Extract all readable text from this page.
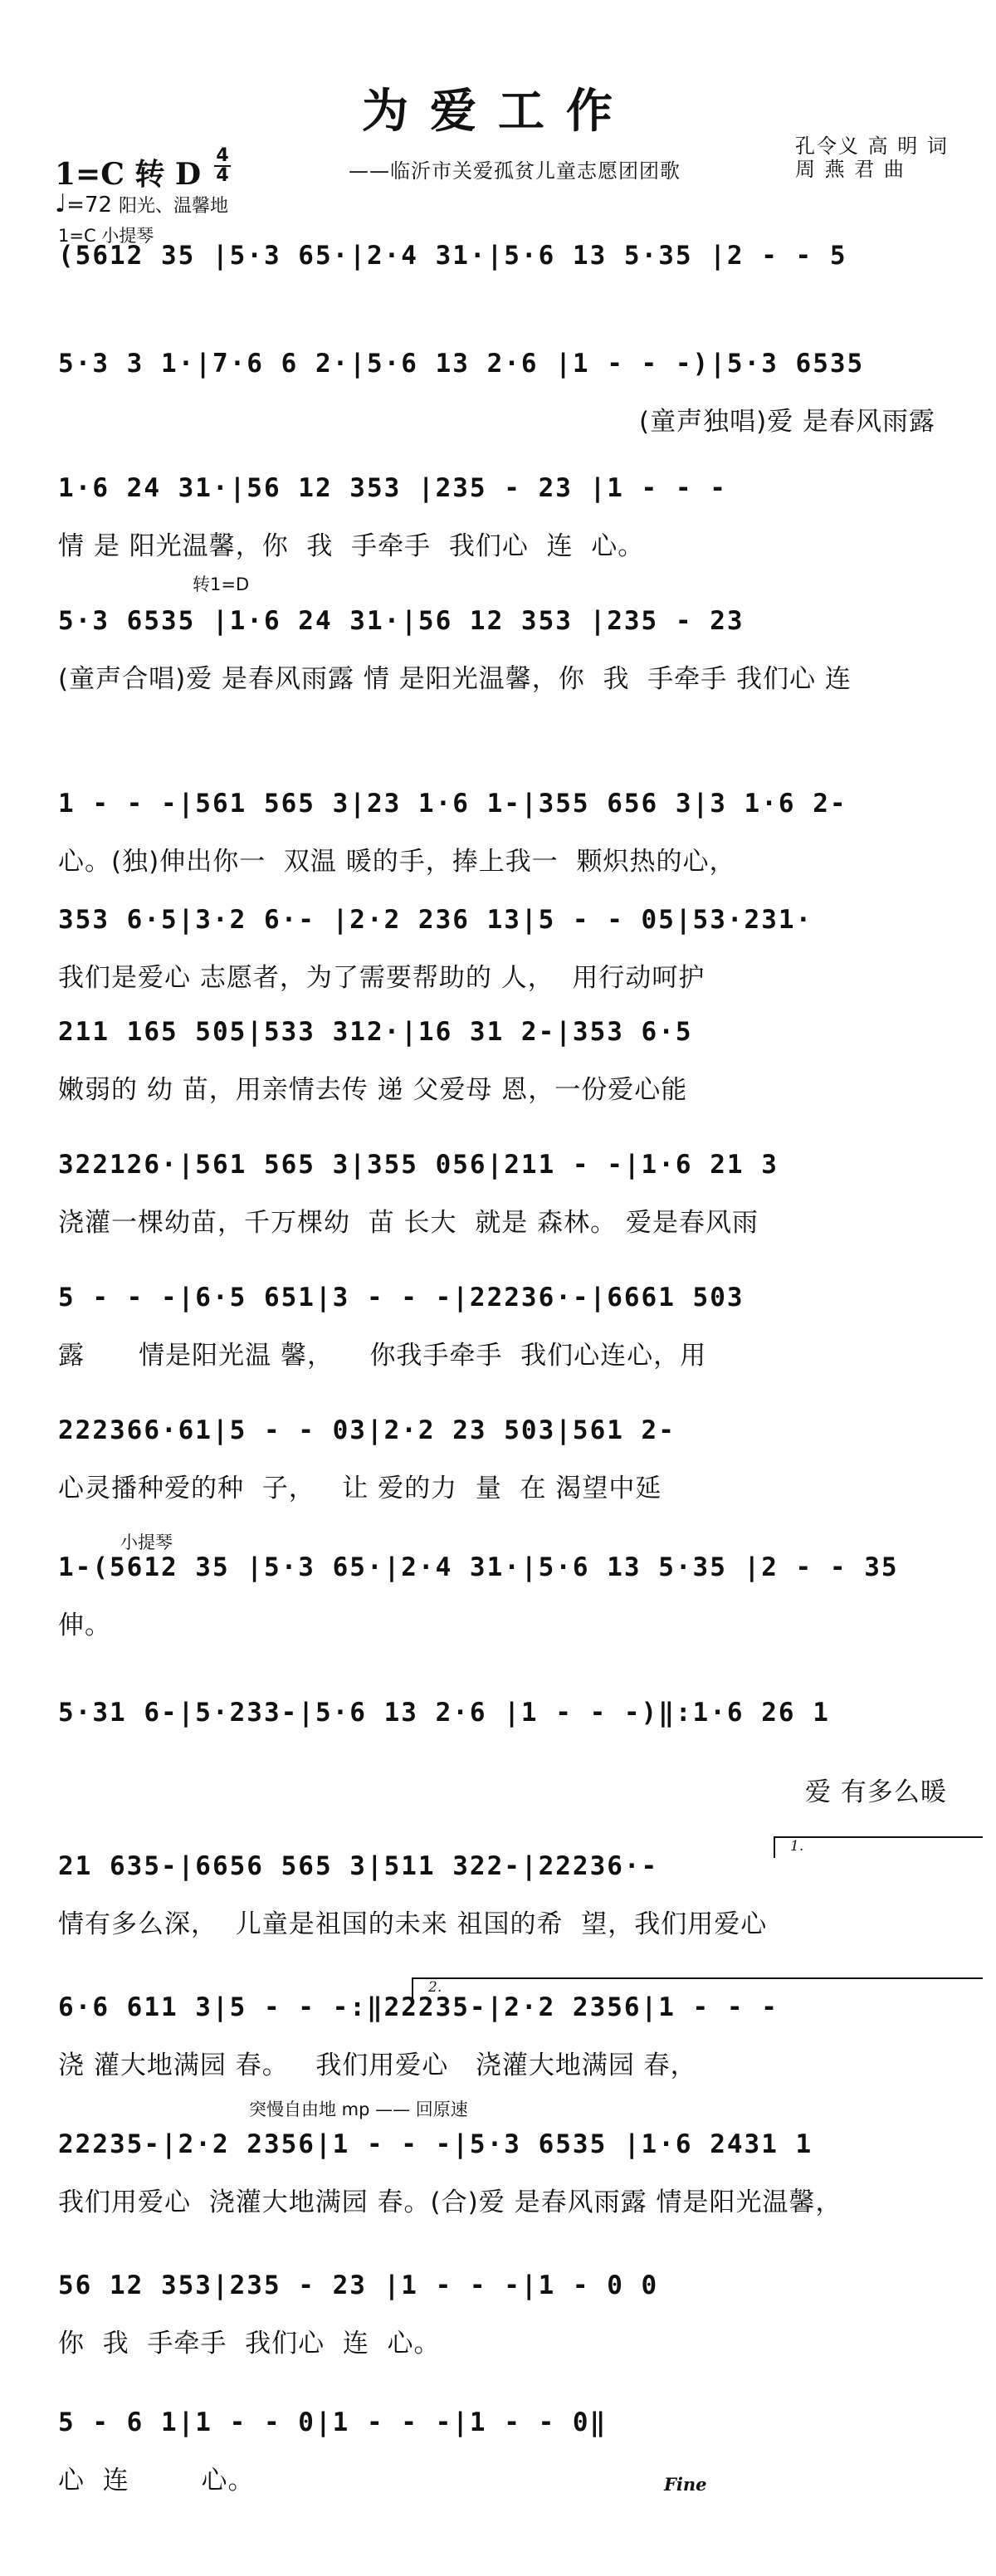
为爱工作
——临沂市关爱孤贫儿童志愿团团歌
孔令义 高 明 词
周 燕 君 曲
1=C 转 D
4
4
♩=72 阳光、温馨地
1=C 小提琴
(5612 35 |5·3 65·|2·4 31·|5·6 13 5·35 |2 - - 5
5·3 3 1·|7·6 6 2·|5·6 13 2·6 |1 - - -)|5·3 6535
(童声独唱)爱 是春风雨露
1·6 24 31·|56 12 353 |235 - 23 |1 - - -
情 是 阳光温馨，你  我  手牵手  我们心  连  心。
转1=D
5·3 6535 |1·6 24 31·|56 12 353 |235 - 23
(童声合唱)爱 是春风雨露 情 是阳光温馨，你  我  手牵手 我们心 连
1 - - -|561 565 3|23 1·6 1-|355 656 3|3 1·6 2-
心。(独)伸出你一  双温 暖的手，捧上我一  颗炽热的心，
353 6·5|3·2 6·- |2·2 236 13|5 - - 05|53·231·
我们是爱心 志愿者，为了需要帮助的 人，  用行动呵护
211 165 505|533 312·|16 31 2-|353 6·5
嫩弱的 幼 苗，用亲情去传 递 父爱母 恩，一份爱心能
322126·|561 565 3|355 056|211 - -|1·6 21 3
浇灌一棵幼苗，千万棵幼  苗 长大  就是 森林。 爱是春风雨
5 - - -|6·5 651|3 - - -|22236·-|6661 503
露      情是阳光温 馨，    你我手牵手  我们心连心，用
222366·61|5 - - 03|2·2 23 503|561 2-
心灵播种爱的种  子，   让 爱的力  量  在 渴望中延
小提琴
1-(5612 35 |5·3 65·|2·4 31·|5·6 13 5·35 |2 - - 35
伸。
5·31 6-|5·233-|5·6 13 2·6 |1 - - -)‖:1·6 26 1
爱 有多么暖
21 635-|6656 565 3|511 322-|22236·-
情有多么深，  儿童是祖国的未来 祖国的希  望，我们用爱心
6·6 611 3|5 - - -:‖22235-|2·2 2356|1 - - -
浇 灌大地满园 春。   我们用爱心   浇灌大地满园 春，
突慢自由地 mp —— 回原速
22235-|2·2 2356|1 - - -|5·3 6535 |1·6 2431 1
我们用爱心  浇灌大地满园 春。(合)爱 是春风雨露 情是阳光温馨，
56 12 353|235 - 23 |1 - - -|1 - 0 0
你  我  手牵手  我们心  连  心。
Fine
5 - 6 1|1 - - 0|1 - - -|1 - - 0‖
心  连        心。
1.
2.
